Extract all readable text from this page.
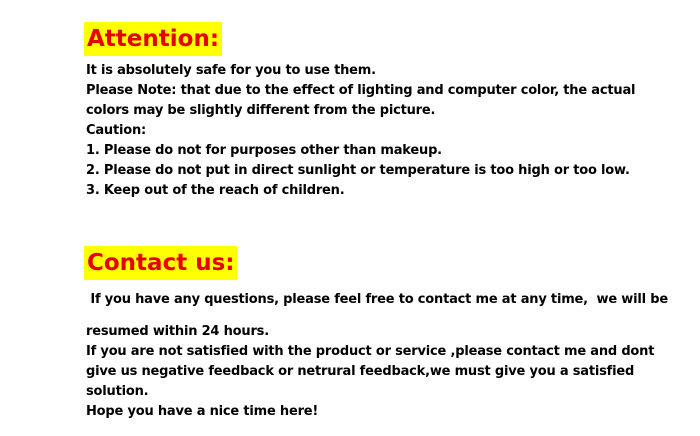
Attention:
It is absolutely safe for you to use them.
Please Note: that due to the effect of lighting and computer color, the actual
colors may be slightly different from the picture.
Caution:
1. Please do not for purposes other than makeup.
2. Please do not put in direct sunlight or temperature is too high or too low.
3. Keep out of the reach of children.
Contact us:
If you have any questions, please feel free to contact me at any time,  we will be
resumed within 24 hours.
If you are not satisfied with the product or service ,please contact me and dont
give us negative feedback or netrural feedback,we must give you a satisfied
solution.
Hope you have a nice time here!
